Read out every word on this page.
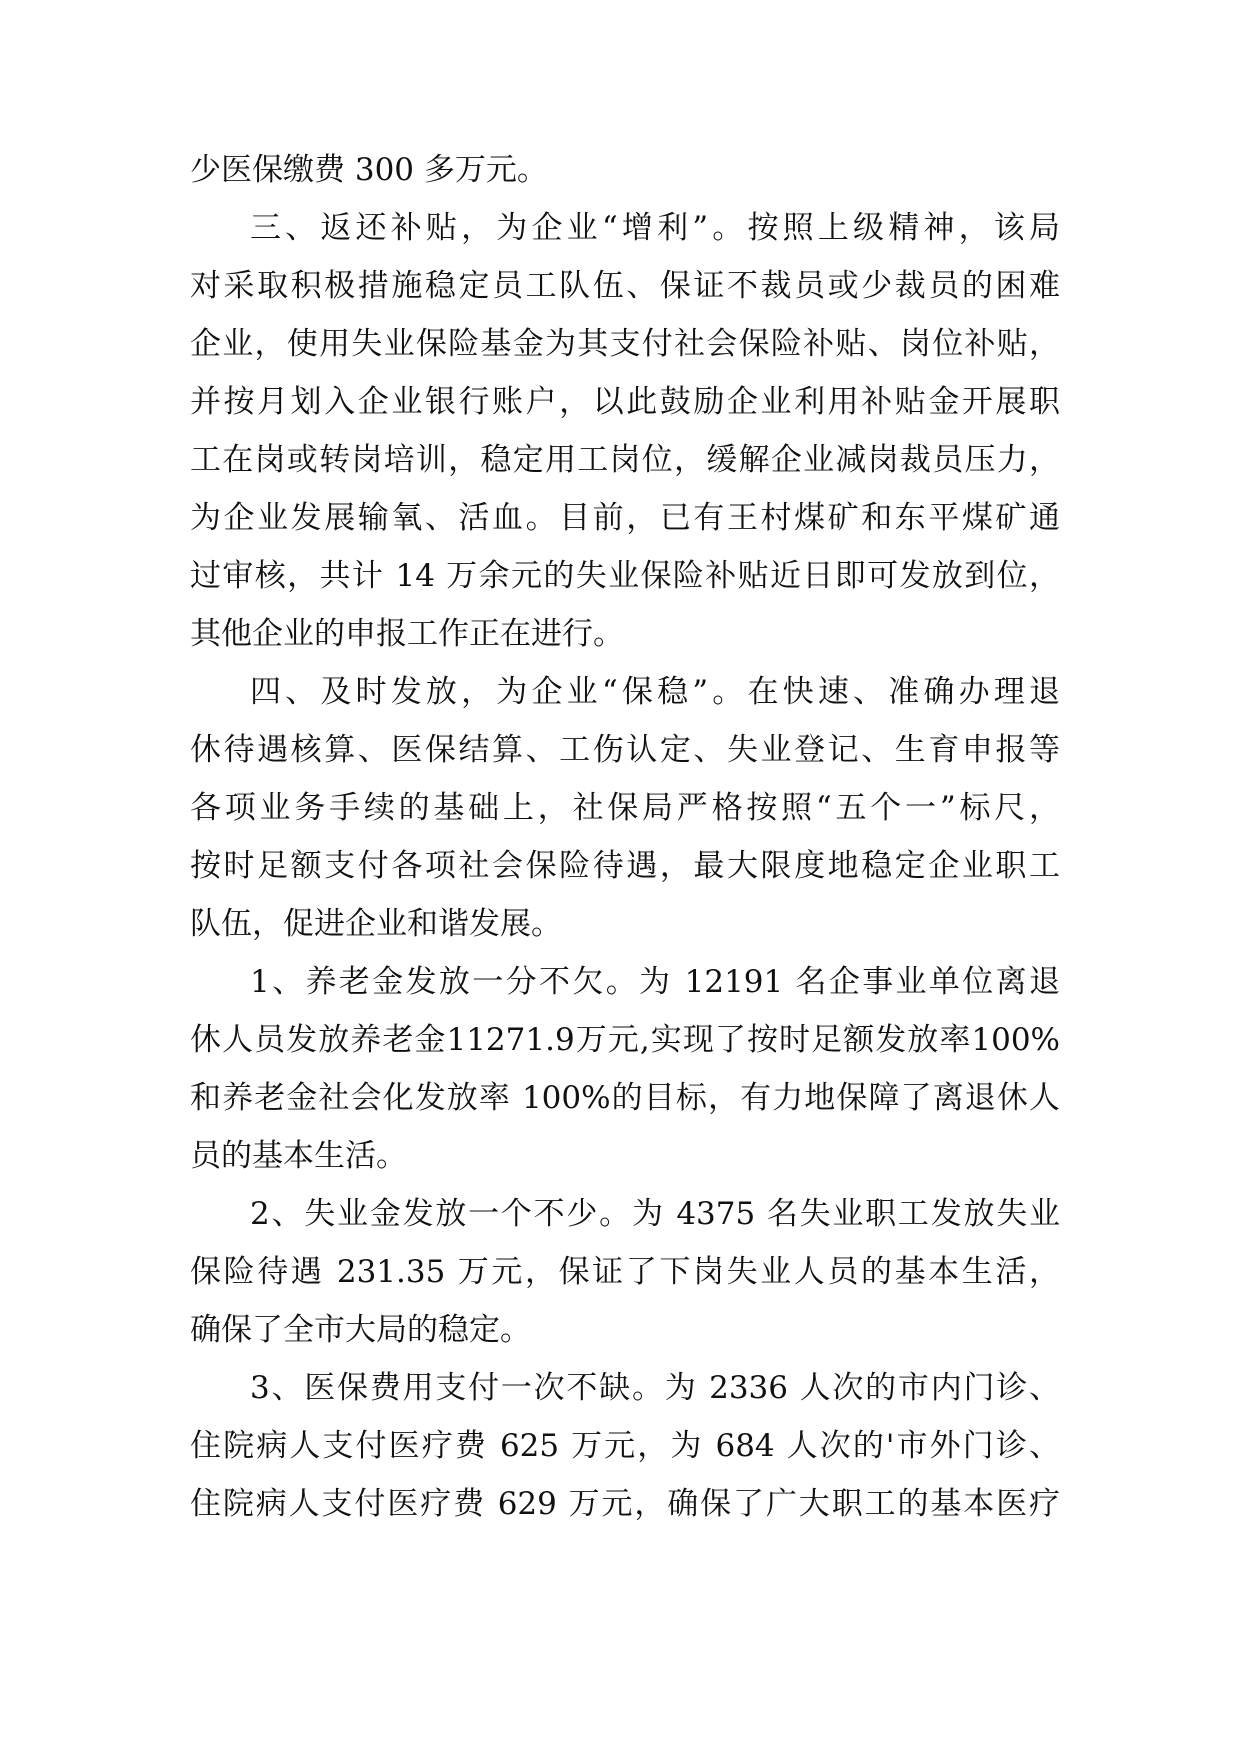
少医保缴费 300 多万元。
三、返还补贴，为企业“增利”。按照上级精神，该局
对采取积极措施稳定员工队伍、保证不裁员或少裁员的困难
企业，使用失业保险基金为其支付社会保险补贴、岗位补贴，
并按月划入企业银行账户，以此鼓励企业利用补贴金开展职
工在岗或转岗培训，稳定用工岗位，缓解企业减岗裁员压力，
为企业发展输氧、活血。目前，已有王村煤矿和东平煤矿通
过审核，共计 14 万余元的失业保险补贴近日即可发放到位，
其他企业的申报工作正在进行。
四、及时发放，为企业“保稳”。在快速、准确办理退
休待遇核算、医保结算、工伤认定、失业登记、生育申报等
各项业务手续的基础上，社保局严格按照“五个一”标尺，
按时足额支付各项社会保险待遇，最大限度地稳定企业职工
队伍，促进企业和谐发展。
1、养老金发放一分不欠。为 12191 名企事业单位离退
休人员发放养老金11271.9万元,实现了按时足额发放率100%
和养老金社会化发放率 100%的目标，有力地保障了离退休人
员的基本生活。
2、失业金发放一个不少。为 4375 名失业职工发放失业
保险待遇 231.35 万元，保证了下岗失业人员的基本生活，
确保了全市大局的稳定。
3、医保费用支付一次不缺。为 2336 人次的市内门诊、
住院病人支付医疗费 625 万元，为 684 人次的'市外门诊、
住院病人支付医疗费 629 万元，确保了广大职工的基本医疗
